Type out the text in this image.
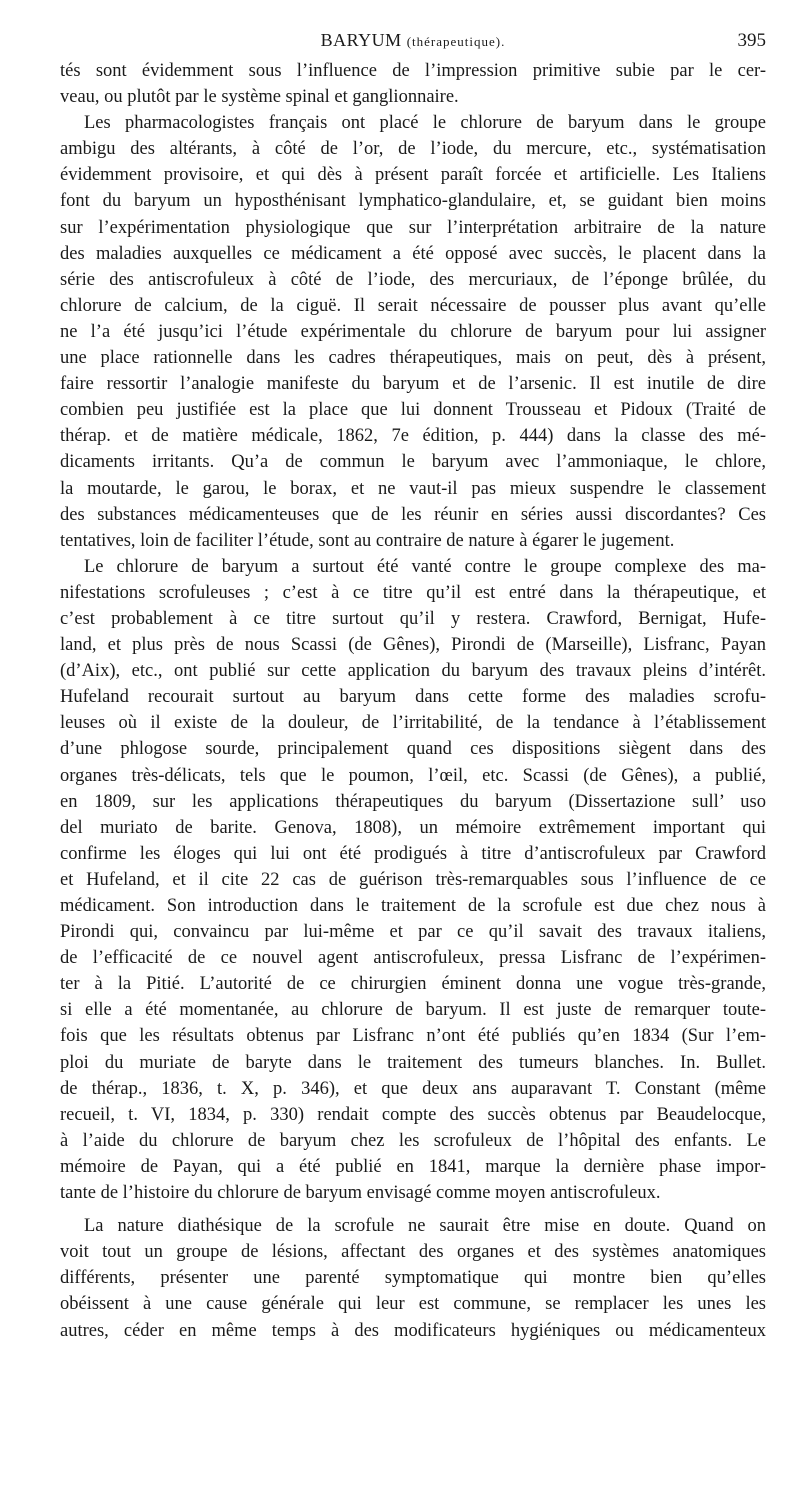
BARYUM (thérapeutique).	395
tés sont évidemment sous l’influence de l’impression primitive subie par le cer-
veau, ou plutôt par le système spinal et ganglionnaire.
Les pharmacologistes français ont placé le chlorure de baryum dans le groupe
ambigu des altérants, à côté de l’or, de l’iode, du mercure, etc., systématisation
évidemment provisoire, et qui dès à présent paraît forcée et artificielle. Les Italiens
font du baryum un hyposthénisant lymphatico-glandulaire, et, se guidant bien moins
sur l’expérimentation physiologique que sur l’interprétation arbitraire de la nature
des maladies auxquelles ce médicament a été opposé avec succès, le placent dans la
série des antiscrofuleux à côté de l’iode, des mercuriaux, de l’éponge brûlée, du
chlorure de calcium, de la ciguë. Il serait nécessaire de pousser plus avant qu’elle
ne l’a été jusqu’ici l’étude expérimentale du chlorure de baryum pour lui assigner
une place rationnelle dans les cadres thérapeutiques, mais on peut, dès à présent,
faire ressortir l’analogie manifeste du baryum et de l’arsenic. Il est inutile de dire
combien peu justifiée est la place que lui donnent Trousseau et Pidoux (Traité de
thérap. et de matière médicale, 1862, 7e édition, p. 444) dans la classe des mé-
dicaments irritants. Qu’a de commun le baryum avec l’ammoniaque, le chlore,
la moutarde, le garou, le borax, et ne vaut-il pas mieux suspendre le classement
des substances médicamenteuses que de les réunir en séries aussi discordantes? Ces
tentatives, loin de faciliter l’étude, sont au contraire de nature à égarer le jugement.
Le chlorure de baryum a surtout été vanté contre le groupe complexe des ma-
nifestations scrofuleuses ; c’est à ce titre qu’il est entré dans la thérapeutique, et
c’est probablement à ce titre surtout qu’il y restera. Crawford, Bernigat, Hufe-
land, et plus près de nous Scassi (de Gênes), Pirondi de (Marseille), Lisfranc, Payan
(d’Aix), etc., ont publié sur cette application du baryum des travaux pleins d’intérêt.
Hufeland recourait surtout au baryum dans cette forme des maladies scrofu-
leuses où il existe de la douleur, de l’irritabilité, de la tendance à l’établissement
d’une phlogose sourde, principalement quand ces dispositions siègent dans des
organes très-délicats, tels que le poumon, l’œil, etc. Scassi (de Gênes), a publié,
en 1809, sur les applications thérapeutiques du baryum (Dissertazione sull’ uso
del muriato de barite. Genova, 1808), un mémoire extrêmement important qui
confirme les éloges qui lui ont été prodigués à titre d’antiscrofuleux par Crawford
et Hufeland, et il cite 22 cas de guérison très-remarquables sous l’influence de ce
médicament. Son introduction dans le traitement de la scrofule est due chez nous à
Pirondi qui, convaincu par lui-même et par ce qu’il savait des travaux italiens,
de l’efficacité de ce nouvel agent antiscrofuleux, pressa Lisfranc de l’expérimen-
ter à la Pitié. L’autorité de ce chirurgien éminent donna une vogue très-grande,
si elle a été momentanée, au chlorure de baryum. Il est juste de remarquer toute-
fois que les résultats obtenus par Lisfranc n’ont été publiés qu’en 1834 (Sur l’em-
ploi du muriate de baryte dans le traitement des tumeurs blanches. In. Bullet.
de thérap., 1836, t. X, p. 346), et que deux ans auparavant T. Constant (même
recueil, t. VI, 1834, p. 330) rendait compte des succès obtenus par Beaudelocque,
à l’aide du chlorure de baryum chez les scrofuleux de l’hôpital des enfants. Le
mémoire de Payan, qui a été publié en 1841, marque la dernière phase impor-
tante de l’histoire du chlorure de baryum envisagé comme moyen antiscrofuleux.
La nature diathésique de la scrofule ne saurait être mise en doute. Quand on
voit tout un groupe de lésions, affectant des organes et des systèmes anatomiques
différents, présenter une parenté symptomatique qui montre bien qu’elles
obéissent à une cause générale qui leur est commune, se remplacer les unes les
autres, céder en même temps à des modificateurs hygiéniques ou médicamenteux
